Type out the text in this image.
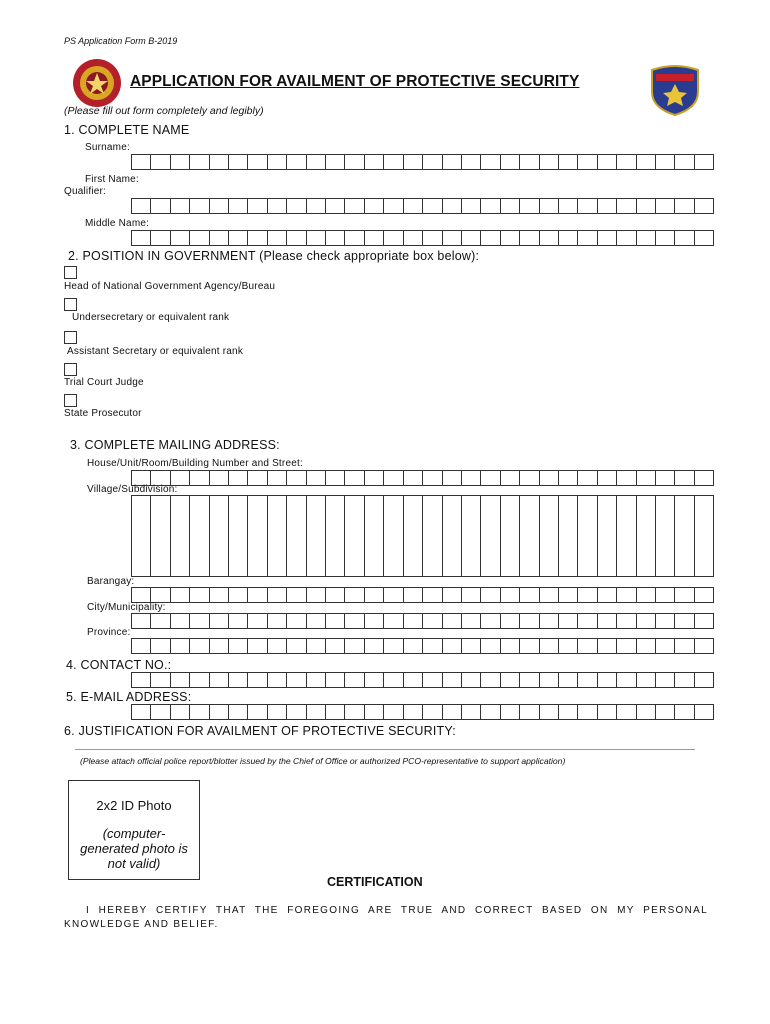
PS Application Form B-2019
APPLICATION FOR AVAILMENT OF PROTECTIVE SECURITY
(Please fill out form completely and legibly)
1. COMPLETE NAME
Surname:
First Name:
Qualifier:
Middle Name:
2. POSITION IN GOVERNMENT (Please check appropriate box below):
Head of National Government Agency/Bureau
Undersecretary or equivalent rank
Assistant Secretary or equivalent rank
Trial Court Judge
State Prosecutor
3. COMPLETE MAILING ADDRESS:
House/Unit/Room/Building Number and Street:
Village/Subdivision:
Barangay:
City/Municipality:
Province:
4. CONTACT NO.:
5. E-MAIL ADDRESS:
6. JUSTIFICATION FOR AVAILMENT OF PROTECTIVE SECURITY:
(Please attach official police report/blotter issued by the Chief of Office or authorized PCO-representative to support application)
2x2 ID Photo
(computer-generated photo is not valid)
CERTIFICATION
I HEREBY CERTIFY THAT THE FOREGOING ARE TRUE AND CORRECT BASED ON MY PERSONAL KNOWLEDGE AND BELIEF.
